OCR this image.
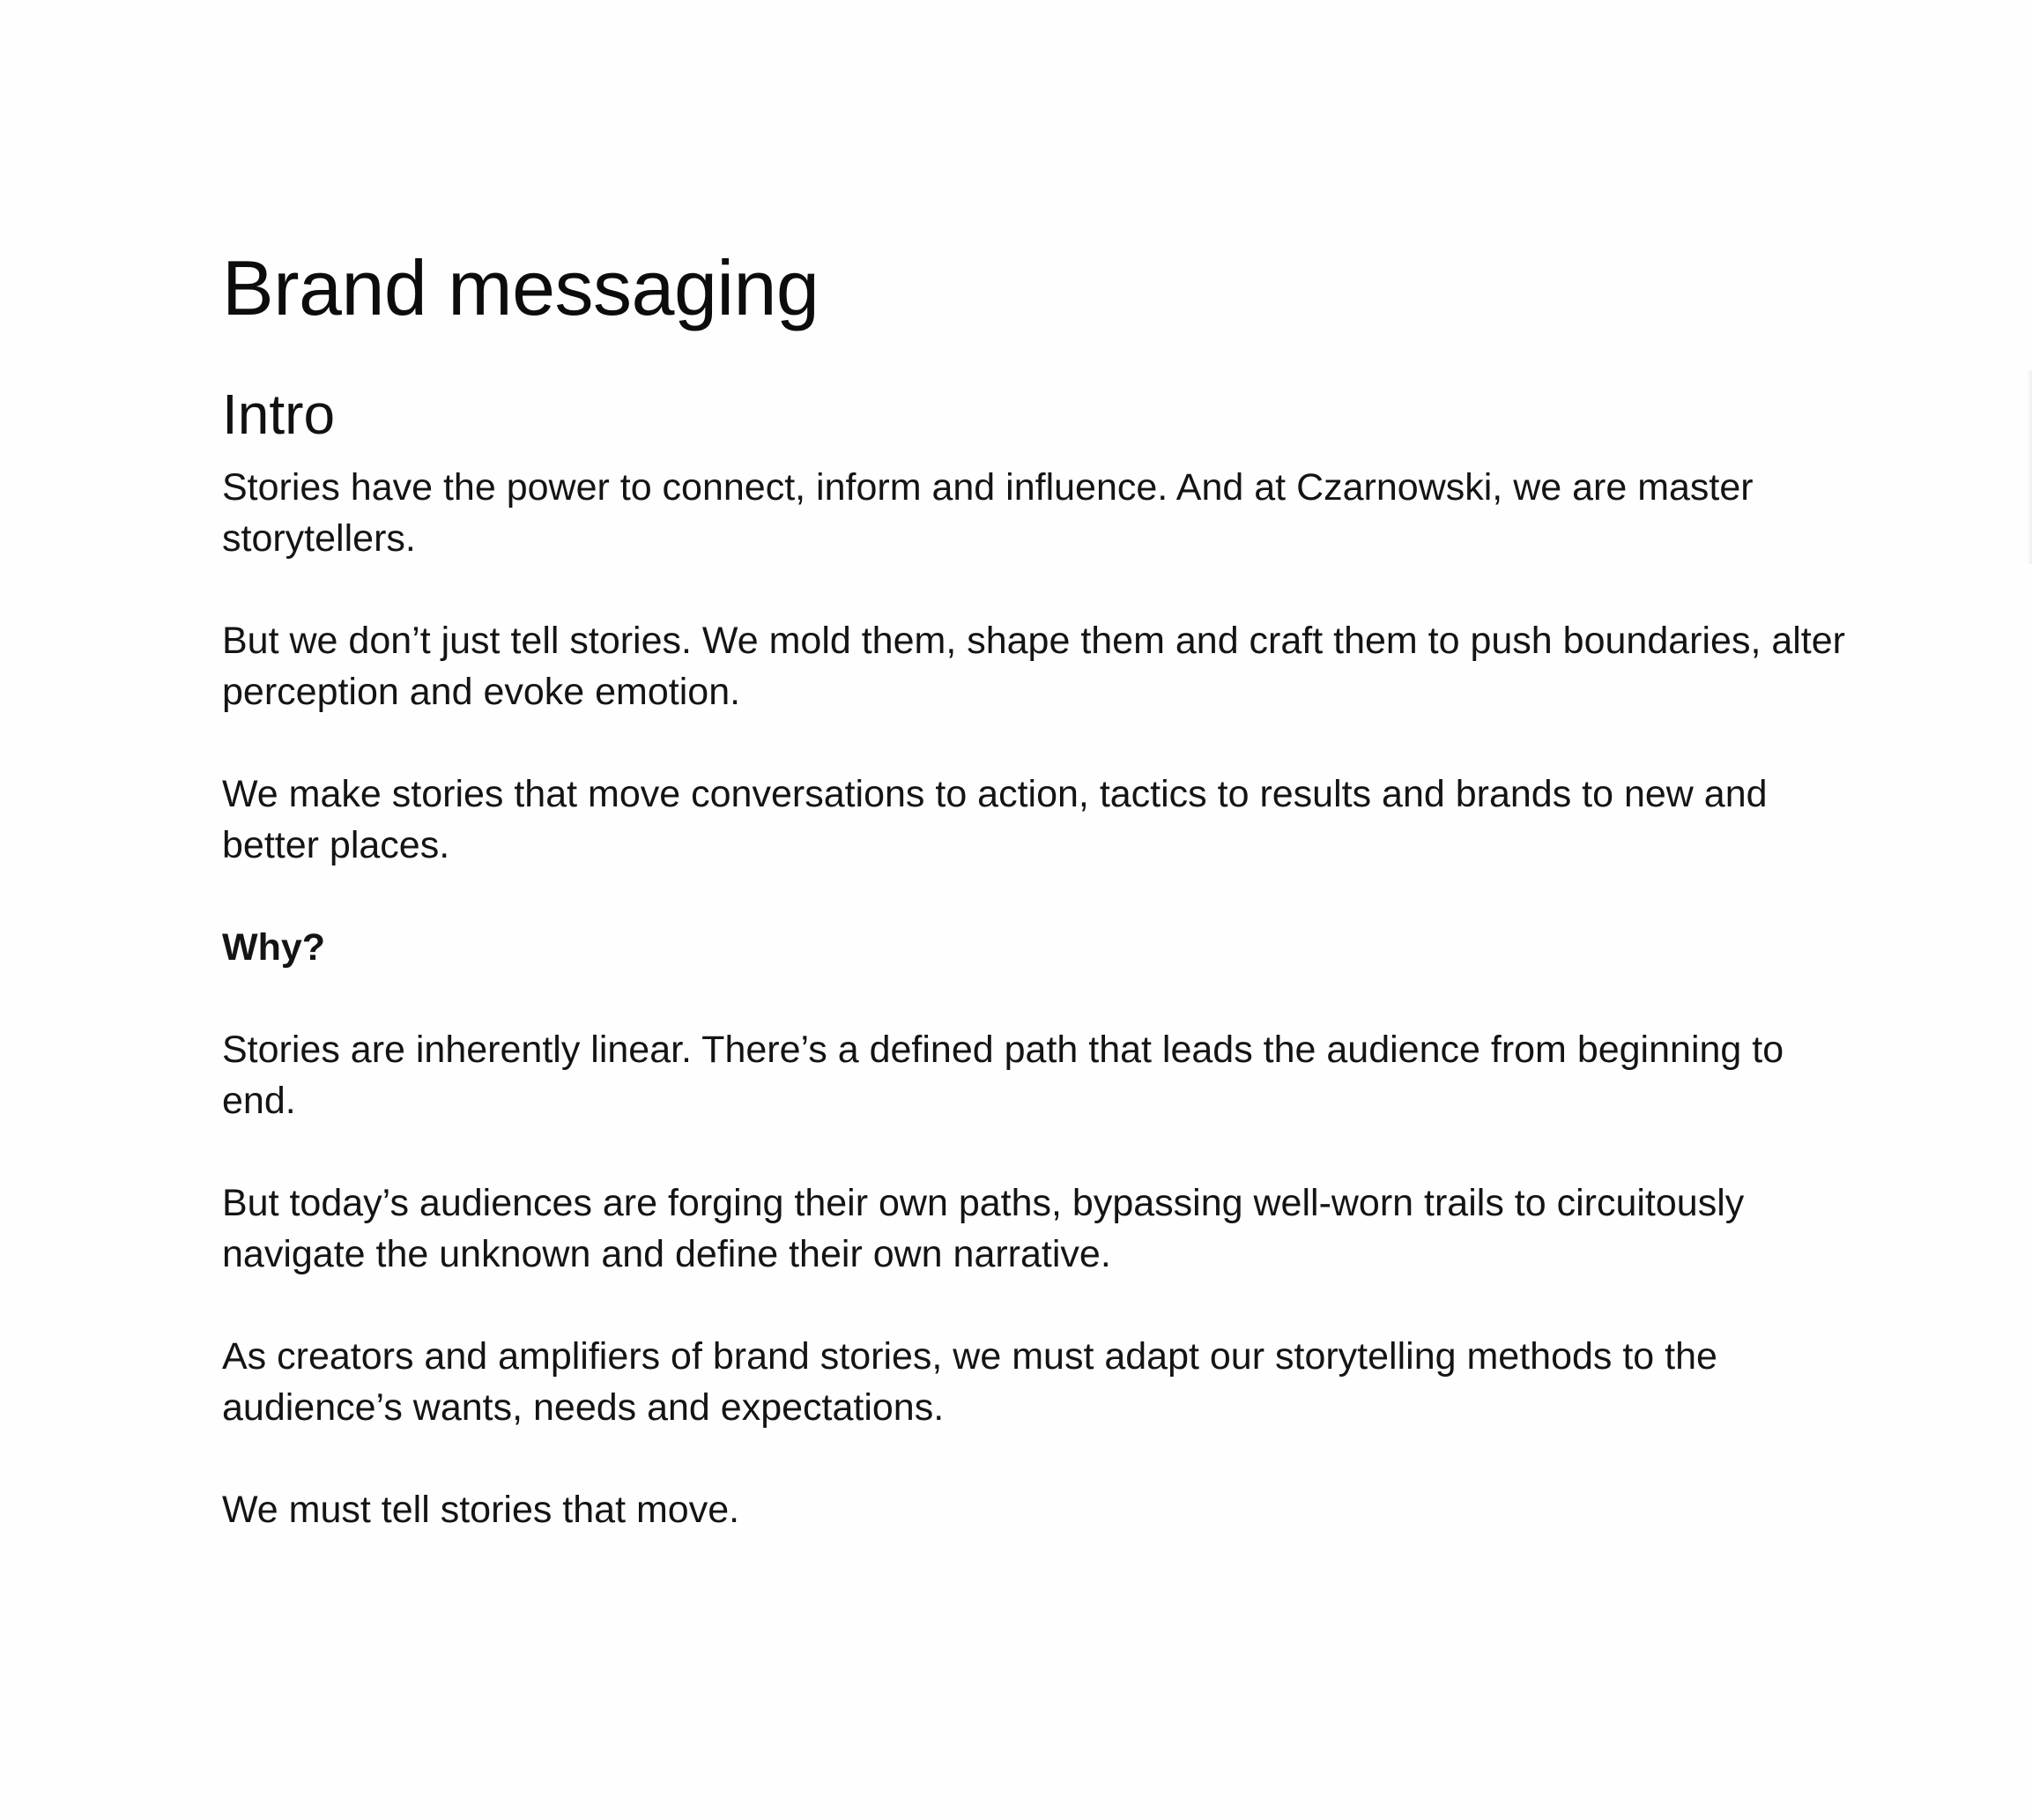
Brand messaging
Intro

Stories have the power to connect, inform and influence. And at Czarnowski, we are master storytellers.

But we don’t just tell stories. We mold them, shape them and craft them to push boundaries, alter perception and evoke emotion.

We make stories that move conversations to action, tactics to results and brands to new and better places.

Why?

Stories are inherently linear. There’s a defined path that leads the audience from beginning to end.

But today’s audiences are forging their own paths, bypassing well-worn trails to circuitously navigate the unknown and define their own narrative.

As creators and amplifiers of brand stories, we must adapt our storytelling methods to the audience’s wants, needs and expectations.

We must tell stories that move.
